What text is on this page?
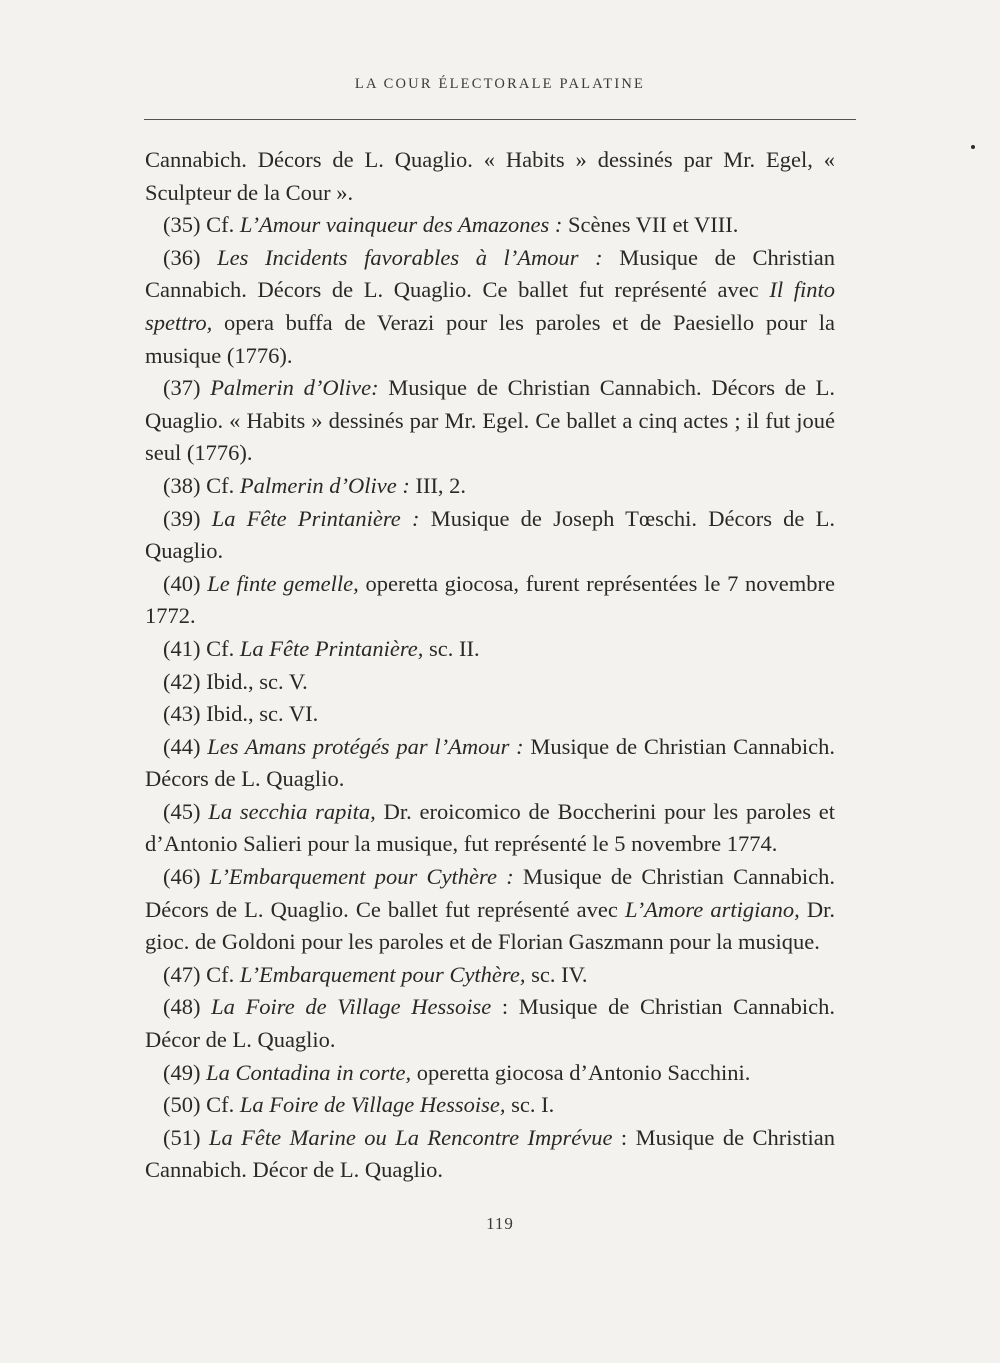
LA COUR ÉLECTORALE PALATINE

Cannabich. Décors de L. Quaglio. « Habits » dessinés par Mr. Egel, « Sculpteur de la Cour ».

(35) Cf. L’Amour vainqueur des Amazones : Scènes VII et VIII.

(36) Les Incidents favorables à l’Amour : Musique de Christian Cannabich. Décors de L. Quaglio. Ce ballet fut représenté avec Il finto spettro, opera buffa de Verazi pour les paroles et de Paesiello pour la musique (1776).

(37) Palmerin d’Olive: Musique de Christian Cannabich. Décors de L. Quaglio. « Habits » dessinés par Mr. Egel. Ce ballet a cinq actes ; il fut joué seul (1776).

(38) Cf. Palmerin d’Olive : III, 2.

(39) La Fête Printanière : Musique de Joseph Tœschi. Décors de L. Quaglio.

(40) Le finte gemelle, operetta giocosa, furent représentées le 7 novembre 1772.

(41) Cf. La Fête Printanière, sc. II.

(42) Ibid., sc. V.

(43) Ibid., sc. VI.

(44) Les Amans protégés par l’Amour : Musique de Christian Cannabich. Décors de L. Quaglio.

(45) La secchia rapita, Dr. eroicomico de Boccherini pour les paroles et d’Antonio Salieri pour la musique, fut représenté le 5 novembre 1774.

(46) L’Embarquement pour Cythère : Musique de Christian Cannabich. Décors de L. Quaglio. Ce ballet fut représenté avec L’Amore artigiano, Dr. gioc. de Goldoni pour les paroles et de Florian Gaszmann pour la musique.

(47) Cf. L’Embarquement pour Cythère, sc. IV.

(48) La Foire de Village Hessoise : Musique de Christian Cannabich. Décor de L. Quaglio.

(49) La Contadina in corte, operetta giocosa d’Antonio Sacchini.

(50) Cf. La Foire de Village Hessoise, sc. I.

(51) La Fête Marine ou La Rencontre Imprévue : Musique de Christian Cannabich. Décor de L. Quaglio.

119
